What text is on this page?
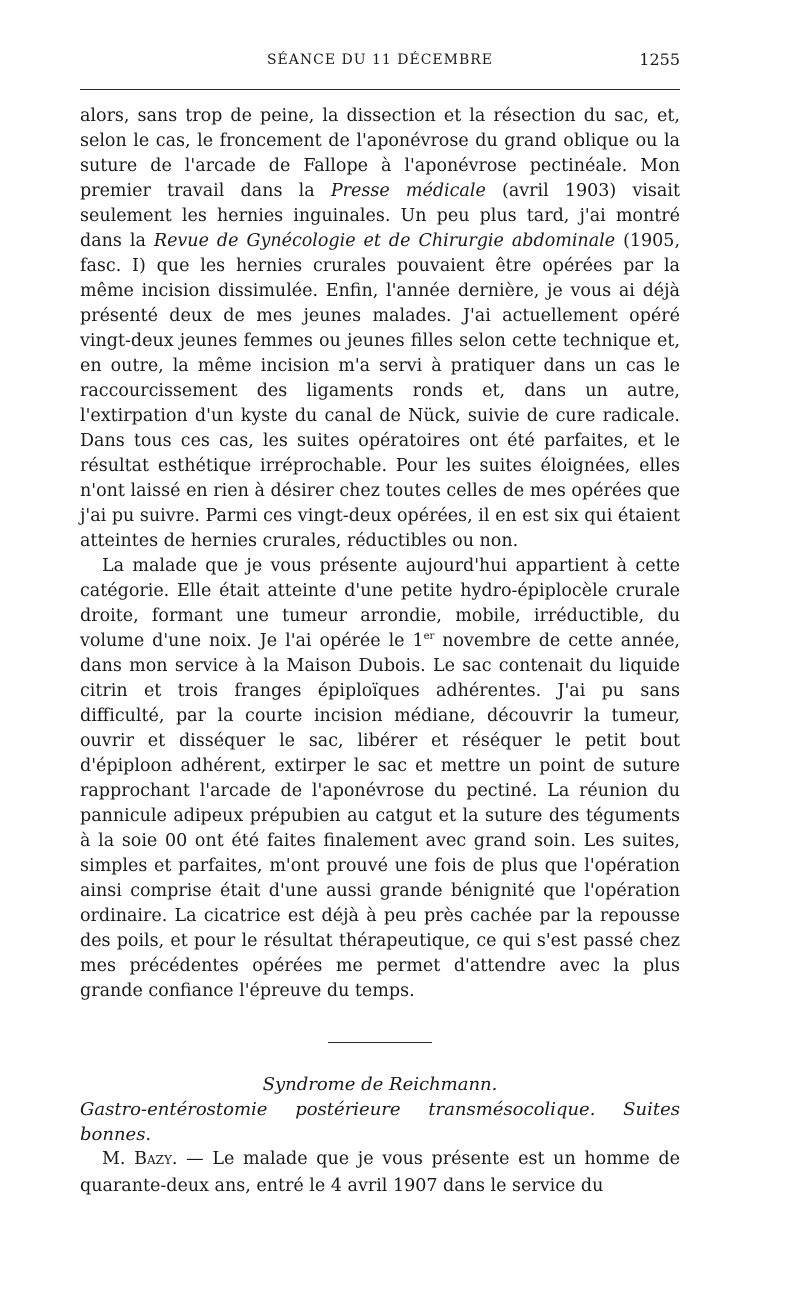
SÉANCE DU 11 DÉCEMBRE	1255

alors, sans trop de peine, la dissection et la résection du sac, et, selon le cas, le froncement de l'aponévrose du grand oblique ou la suture de l'arcade de Fallope à l'aponévrose pectinéale. Mon premier travail dans la Presse médicale (avril 1903) visait seulement les hernies inguinales. Un peu plus tard, j'ai montré dans la Revue de Gynécologie et de Chirurgie abdominale (1905, fasc. I) que les hernies crurales pouvaient être opérées par la même incision dissimulée. Enfin, l'année dernière, je vous ai déjà présenté deux de mes jeunes malades. J'ai actuellement opéré vingt-deux jeunes femmes ou jeunes filles selon cette technique et, en outre, la même incision m'a servi à pratiquer dans un cas le raccourcissement des ligaments ronds et, dans un autre, l'extirpation d'un kyste du canal de Nück, suivie de cure radicale. Dans tous ces cas, les suites opératoires ont été parfaites, et le résultat esthétique irréprochable. Pour les suites éloignées, elles n'ont laissé en rien à désirer chez toutes celles de mes opérées que j'ai pu suivre. Parmi ces vingt-deux opérées, il en est six qui étaient atteintes de hernies crurales, réductibles ou non.

La malade que je vous présente aujourd'hui appartient à cette catégorie. Elle était atteinte d'une petite hydro-épiplocèle crurale droite, formant une tumeur arrondie, mobile, irréductible, du volume d'une noix. Je l'ai opérée le 1er novembre de cette année, dans mon service à la Maison Dubois. Le sac contenait du liquide citrin et trois franges épiploïques adhérentes. J'ai pu sans difficulté, par la courte incision médiane, découvrir la tumeur, ouvrir et disséquer le sac, libérer et réséquer le petit bout d'épiploon adhérent, extirper le sac et mettre un point de suture rapprochant l'arcade de l'aponévrose du pectiné. La réunion du pannicule adipeux prépubien au catgut et la suture des téguments à la soie 00 ont été faites finalement avec grand soin. Les suites, simples et parfaites, m'ont prouvé une fois de plus que l'opération ainsi comprise était d'une aussi grande bénignité que l'opération ordinaire. La cicatrice est déjà à peu près cachée par la repousse des poils, et pour le résultat thérapeutique, ce qui s'est passé chez mes précédentes opérées me permet d'attendre avec la plus grande confiance l'épreuve du temps.

Syndrome de Reichmann.
Gastro-entérostomie postérieure transmésocolique. Suites bonnes.

M. Bazy. — Le malade que je vous présente est un homme de quarante-deux ans, entré le 4 avril 1907 dans le service du
